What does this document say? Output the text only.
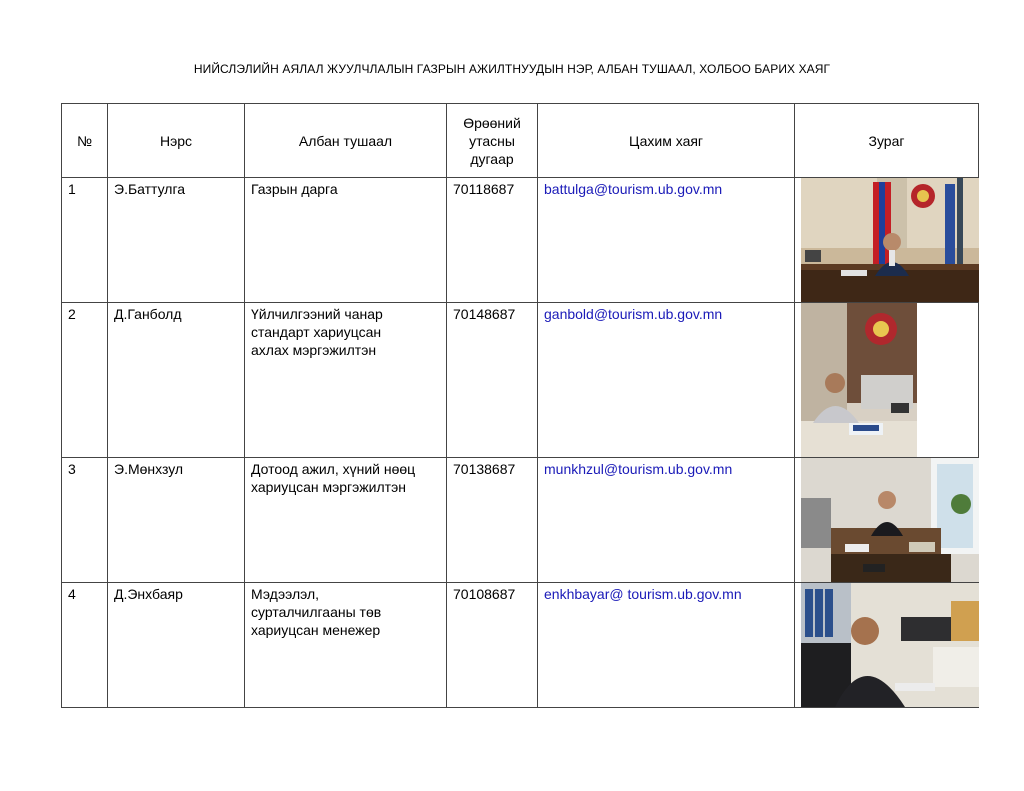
НИЙСЛЭЛИЙН АЯЛАЛ ЖУУЛЧЛАЛЫН ГАЗРЫН АЖИЛТНУУДЫН НЭР, АЛБАН ТУШААЛ, ХОЛБОО БАРИХ ХАЯГ
№	Нэрс	Албан тушаал	Өрөөний
утасны
дугаар	Цахим хаяг	Зураг
1	Э.Баттулга	Газрын дарга	70118687	battulga@tourism.ub.gov.mn	

2	Д.Ганболд	Үйлчилгээний чанар
стандарт хариуцсан
ахлах мэргэжилтэн	70148687	ganbold@tourism.ub.gov.mn	

3	Э.Мөнхзул	Дотоод ажил, хүний нөөц
хариуцсан мэргэжилтэн	70138687	munkhzul@tourism.ub.gov.mn	

4	Д.Энхбаяр	Мэдээлэл,
сурталчилгааны төв
хариуцсан менежер	70108687	enkhbayar@ tourism.ub.gov.mn	
